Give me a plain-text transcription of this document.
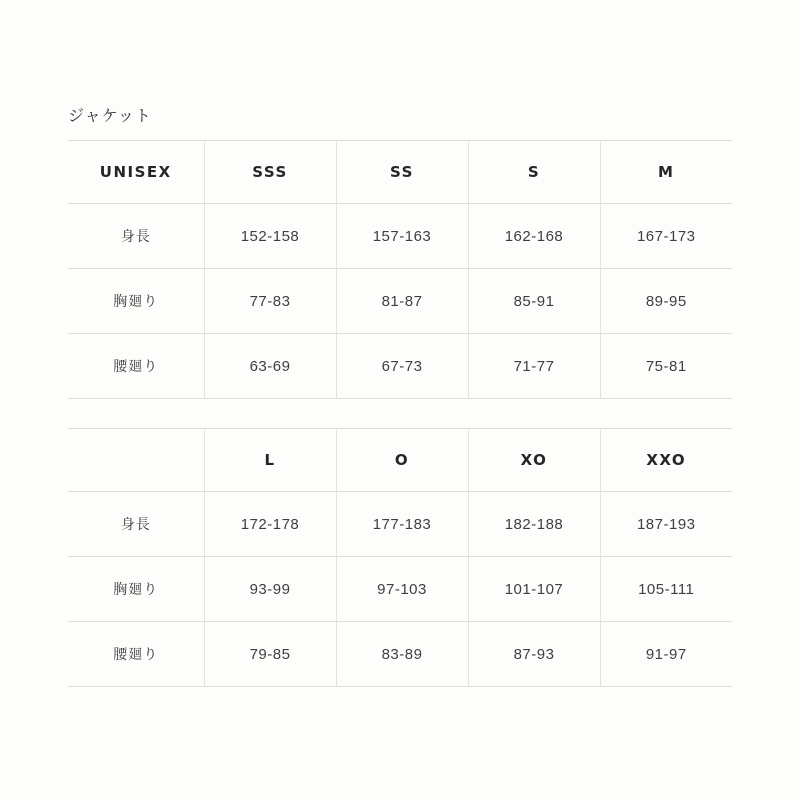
ジャケット
UNISEX	SSS	SS	S	M
身長	152-158	157-163	162-168	167-173
胸廻り	77-83	81-87	85-91	89-95
腰廻り	63-69	67-73	71-77	75-81
	L	O	XO	XXO
身長	172-178	177-183	182-188	187-193
胸廻り	93-99	97-103	101-107	105-111
腰廻り	79-85	83-89	87-93	91-97
